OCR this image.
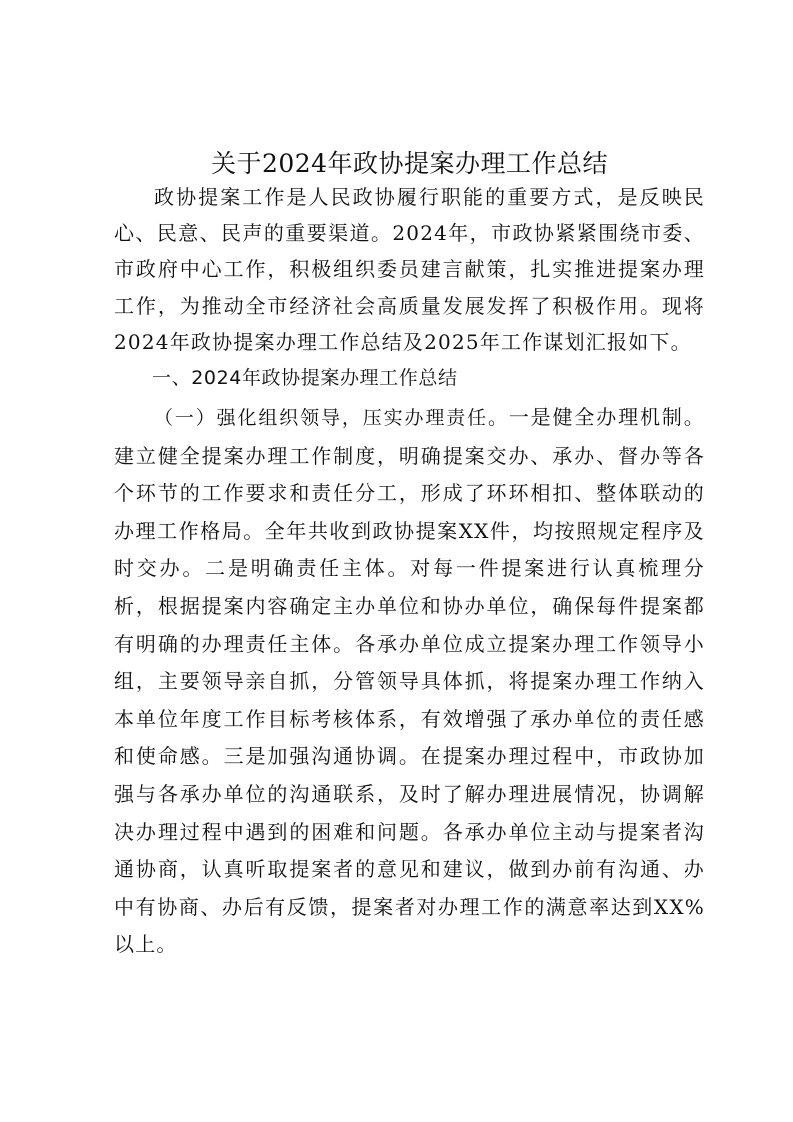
关于2024年政协提案办理工作总结

政协提案工作是人民政协履行职能的重要方式，是反映民心、民意、民声的重要渠道。2024年，市政协紧紧围绕市委、市政府中心工作，积极组织委员建言献策，扎实推进提案办理工作，为推动全市经济社会高质量发展发挥了积极作用。现将2024年政协提案办理工作总结及2025年工作谋划汇报如下。

一、2024年政协提案办理工作总结

（一）强化组织领导，压实办理责任。一是健全办理机制。建立健全提案办理工作制度，明确提案交办、承办、督办等各个环节的工作要求和责任分工，形成了环环相扣、整体联动的办理工作格局。全年共收到政协提案XX件，均按照规定程序及时交办。二是明确责任主体。对每一件提案进行认真梳理分析，根据提案内容确定主办单位和协办单位，确保每件提案都有明确的办理责任主体。各承办单位成立提案办理工作领导小组，主要领导亲自抓，分管领导具体抓，将提案办理工作纳入本单位年度工作目标考核体系，有效增强了承办单位的责任感和使命感。三是加强沟通协调。在提案办理过程中，市政协加强与各承办单位的沟通联系，及时了解办理进展情况，协调解决办理过程中遇到的困难和问题。各承办单位主动与提案者沟通协商，认真听取提案者的意见和建议，做到办前有沟通、办中有协商、办后有反馈，提案者对办理工作的满意率达到XX%以上。
